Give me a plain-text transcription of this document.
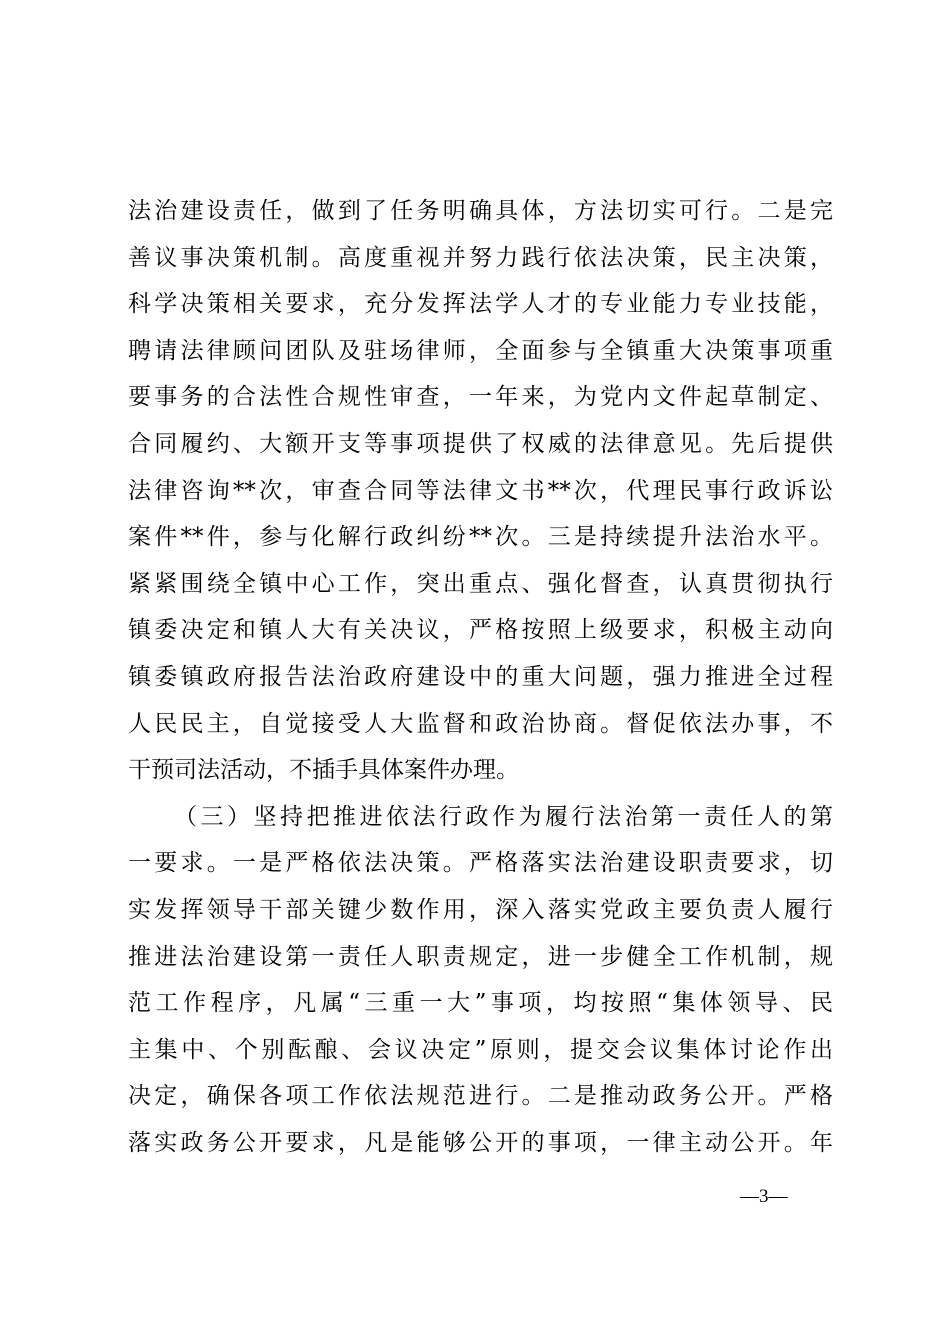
法治建设责任，做到了任务明确具体，方法切实可行。二是完
善议事决策机制。高度重视并努力践行依法决策，民主决策，
科学决策相关要求，充分发挥法学人才的专业能力专业技能，
聘请法律顾问团队及驻场律师，全面参与全镇重大决策事项重
要事务的合法性合规性审查，一年来，为党内文件起草制定、
合同履约、大额开支等事项提供了权威的法律意见。先后提供
法律咨询**次，审查合同等法律文书**次，代理民事行政诉讼
案件**件，参与化解行政纠纷**次。三是持续提升法治水平。
紧紧围绕全镇中心工作，突出重点、强化督查，认真贯彻执行
镇委决定和镇人大有关决议，严格按照上级要求，积极主动向
镇委镇政府报告法治政府建设中的重大问题，强力推进全过程
人民民主，自觉接受人大监督和政治协商。督促依法办事，不
干预司法活动，不插手具体案件办理。
（三）坚持把推进依法行政作为履行法治第一责任人的第
一要求。一是严格依法决策。严格落实法治建设职责要求，切
实发挥领导干部关键少数作用，深入落实党政主要负责人履行
推进法治建设第一责任人职责规定，进一步健全工作机制，规
范工作程序，凡属“三重一大”事项，均按照“集体领导、民
主集中、个别酝酿、会议决定”原则，提交会议集体讨论作出
决定，确保各项工作依法规范进行。二是推动政务公开。严格
落实政务公开要求，凡是能够公开的事项，一律主动公开。年
—3—
